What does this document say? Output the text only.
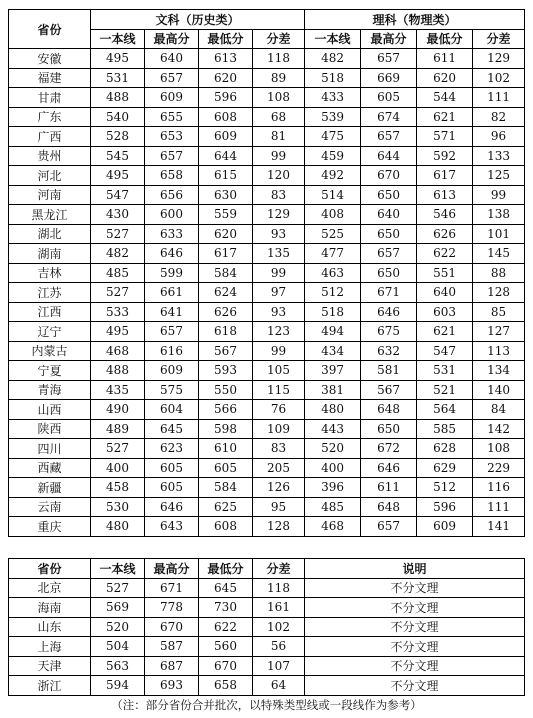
省份	文科（历史类）				理科（物理类）			
	一本线	最高分	最低分	分差	一本线	最高分	最低分	分差
安徽	495	640	613	118	482	657	611	129
福建	531	657	620	89	518	669	620	102
甘肃	488	609	596	108	433	605	544	111
广东	540	655	608	68	539	674	621	82
广西	528	653	609	81	475	657	571	96
贵州	545	657	644	99	459	644	592	133
河北	495	658	615	120	492	670	617	125
河南	547	656	630	83	514	650	613	99
黑龙江	430	600	559	129	408	640	546	138
湖北	527	633	620	93	525	650	626	101
湖南	482	646	617	135	477	657	622	145
吉林	485	599	584	99	463	650	551	88
江苏	527	661	624	97	512	671	640	128
江西	533	641	626	93	518	646	603	85
辽宁	495	657	618	123	494	675	621	127
内蒙古	468	616	567	99	434	632	547	113
宁夏	488	609	593	105	397	581	531	134
青海	435	575	550	115	381	567	521	140
山西	490	604	566	76	480	648	564	84
陕西	489	645	598	109	443	650	585	142
四川	527	623	610	83	520	672	628	108
西藏	400	605	605	205	400	646	629	229
新疆	458	605	584	126	396	611	512	116
云南	530	646	625	95	485	648	596	111
重庆	480	643	608	128	468	657	609	141
省份	一本线	最高分	最低分	分差	说明
北京	527	671	645	118	不分文理
海南	569	778	730	161	不分文理
山东	520	670	622	102	不分文理
上海	504	587	560	56	不分文理
天津	563	687	670	107	不分文理
浙江	594	693	658	64	不分文理
（注：部分省份合并批次，以特殊类型线或一段线作为参考）
